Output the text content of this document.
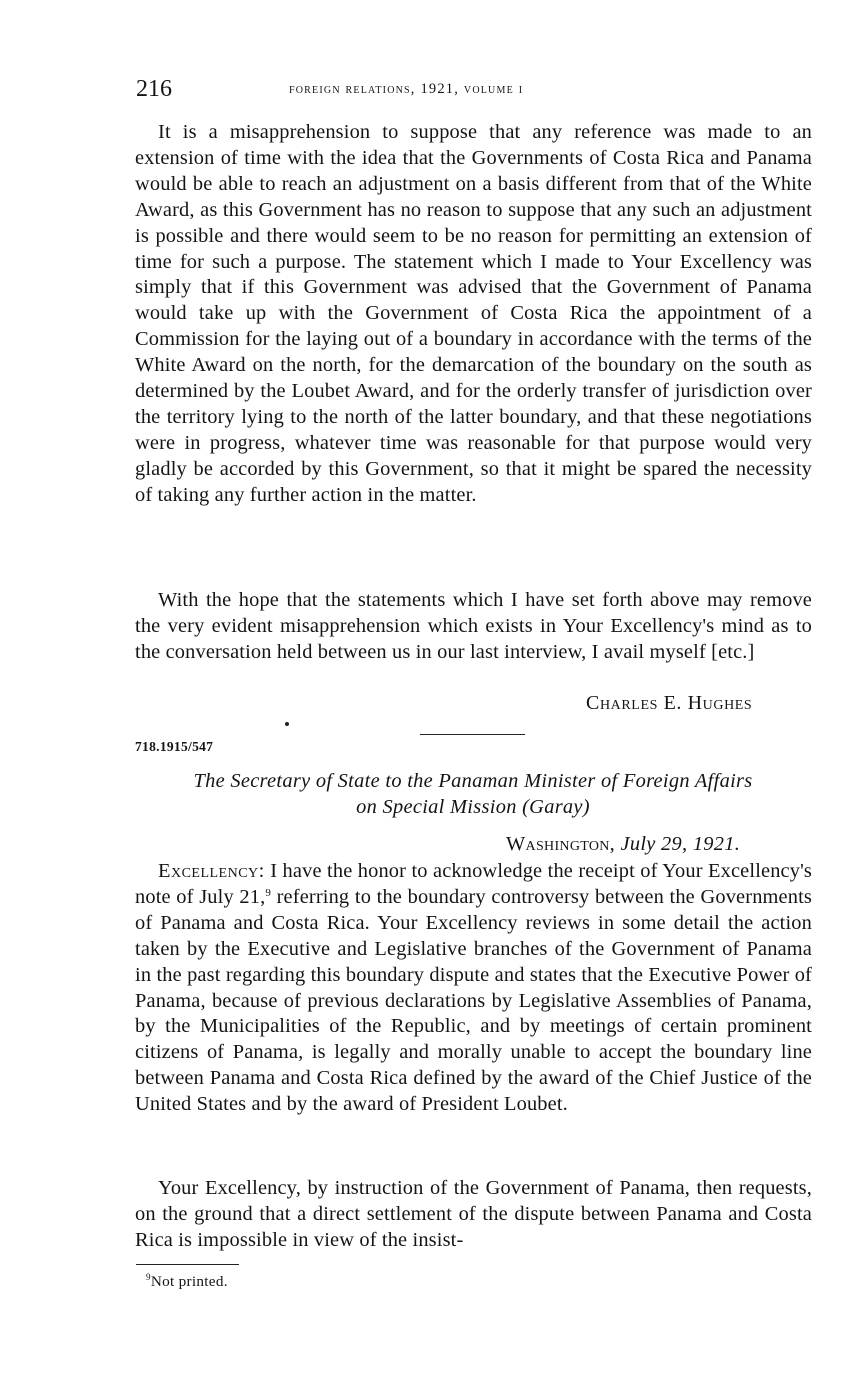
216	foreign relations, 1921, volume i

It is a misapprehension to suppose that any reference was made to an extension of time with the idea that the Governments of Costa Rica and Panama would be able to reach an adjustment on a basis different from that of the White Award, as this Government has no reason to suppose that any such an adjustment is possible and there would seem to be no reason for permitting an extension of time for such a purpose. The statement which I made to Your Excellency was simply that if this Government was advised that the Government of Panama would take up with the Government of Costa Rica the appointment of a Commission for the laying out of a boundary in accordance with the terms of the White Award on the north, for the demarcation of the boundary on the south as determined by the Loubet Award, and for the orderly transfer of jurisdiction over the territory lying to the north of the latter boundary, and that these negotiations were in progress, whatever time was reasonable for that purpose would very gladly be accorded by this Government, so that it might be spared the necessity of taking any further action in the matter.

With the hope that the statements which I have set forth above may remove the very evident misapprehension which exists in Your Excellency's mind as to the conversation held between us in our last interview, I avail myself [etc.]

Charles E. Hughes
718.1915/547
The Secretary of State to the Panaman Minister of Foreign Affairs
on Special Mission (Garay)
Washington, July 29, 1921.

Excellency: I have the honor to acknowledge the receipt of Your Excellency's note of July 21,$^9$ referring to the boundary controversy between the Governments of Panama and Costa Rica. Your Excellency reviews in some detail the action taken by the Executive and Legislative branches of the Government of Panama in the past regarding this boundary dispute and states that the Executive Power of Panama, because of previous declarations by Legislative Assemblies of Panama, by the Municipalities of the Republic, and by meetings of certain prominent citizens of Panama, is legally and morally unable to accept the boundary line between Panama and Costa Rica defined by the award of the Chief Justice of the United States and by the award of President Loubet.

Your Excellency, by instruction of the Government of Panama, then requests, on the ground that a direct settlement of the dispute between Panama and Costa Rica is impossible in view of the insist-

$^9$Not printed.
